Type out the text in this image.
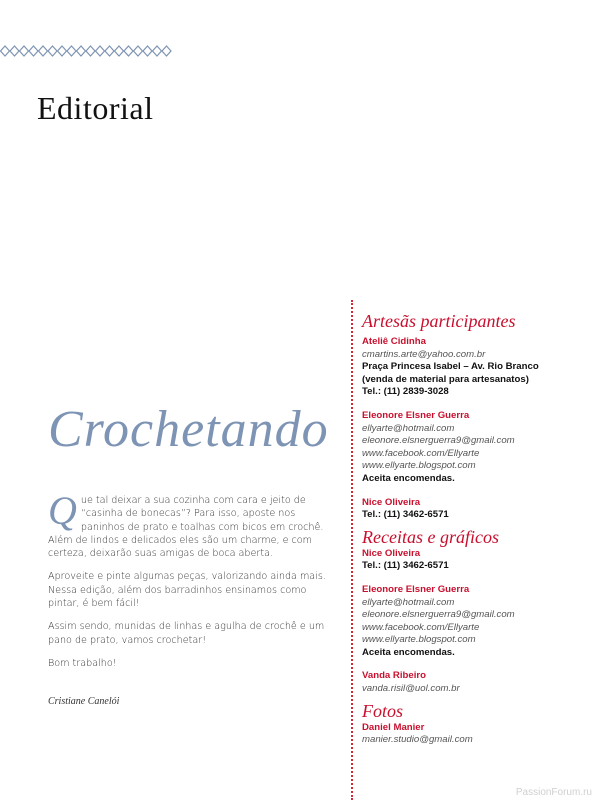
Editorial
Crochetando

Que tal deixar a sua cozinha com cara e jeito de “casinha de bonecas”? Para isso, aposte nos paninhos de prato e toalhas com bicos em crochê. Além de lindos e delicados eles são um charme, e com certeza, deixarão suas amigas de boca aberta.

Aproveite e pinte algumas peças, valorizando ainda mais. Nessa edição, além dos barradinhos ensinamos como pintar, é bem fácil!

Assim sendo, munidas de linhas e agulha de crochê e um pano de prato, vamos crochetar!

Bom trabalho!

Cristiane Canelói

Artesãs participantes

Ateliê Cidinha

cmartins.arte@yahoo.com.br

Praça Princesa Isabel – Av. Rio Branco

(venda de material para artesanatos)

Tel.: (11) 2839-3028

Eleonore Elsner Guerra

ellyarte@hotmail.com

eleonore.elsnerguerra9@gmail.com

www.facebook.com/Ellyarte

www.ellyarte.blogspot.com

Aceita encomendas.

Nice Oliveira

Tel.: (11) 3462-6571

Receitas e gráficos

Nice Oliveira

Tel.: (11) 3462-6571

Eleonore Elsner Guerra

ellyarte@hotmail.com

eleonore.elsnerguerra9@gmail.com

www.facebook.com/Ellyarte

www.ellyarte.blogspot.com

Aceita encomendas.

Vanda Ribeiro

vanda.risil@uol.com.br

Fotos

Daniel Manier

manier.studio@gmail.com

PassionForum.ru
